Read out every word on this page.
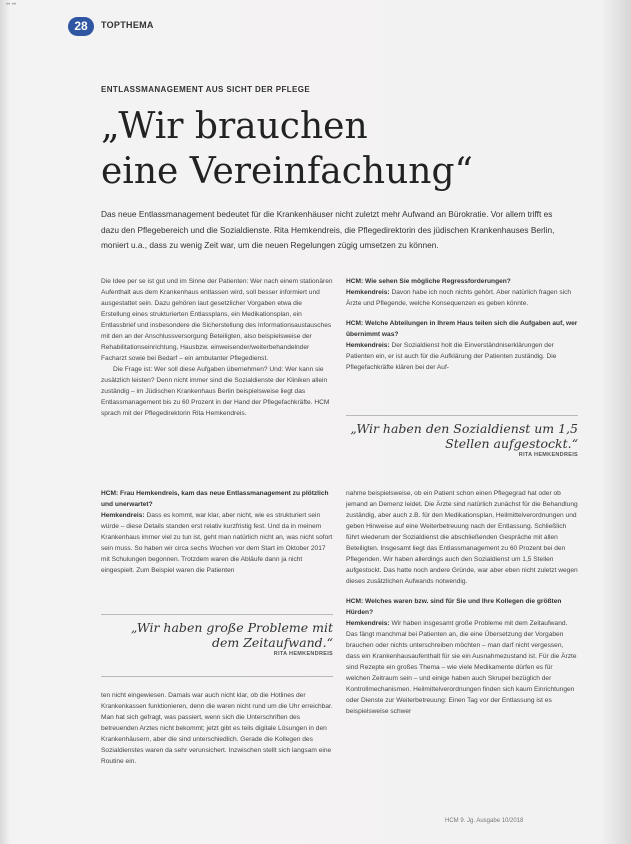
•• ••
28	TOPTHEMA
ENTLASSMANAGEMENT AUS SICHT DER PFLEGE
„Wir brauchen
eine Vereinfachung“

Das neue Entlassmanagement bedeutet für die Krankenhäuser nicht zuletzt mehr Aufwand an Bürokratie. Vor allem trifft es dazu den Pflegebereich und die Sozialdienste. Rita Hemkendreis, die Pflegedirektorin des jüdischen Krankenhauses Berlin, moniert u.a., dass zu wenig Zeit war, um die neuen Regelungen zügig umsetzen zu können.

Die Idee per se ist gut und im Sinne der Patienten: Wer nach einem stationären Aufenthalt aus dem Krankenhaus entlassen wird, soll besser informiert und ausgestattet sein. Dazu gehören laut gesetzlicher Vorgaben etwa die Erstellung eines strukturierten Entlassplans, ein Medikationsplan, ein Entlassbrief und insbesondere die Sicherstellung des Informationsaustausches mit den an der Anschlussversorgung Beteiligten, also beispielsweise der Rehabilitationseinrichtung, Hausbzw. einweisender/weiterbehandelnder Facharzt sowie bei Bedarf – ein ambulanter Pflegedienst.

Die Frage ist: Wer soll diese Aufgaben übernehmen? Und: Wer kann sie zusätzlich leisten? Denn nicht immer sind die Sozialdienste der Kliniken allein zuständig – im Jüdischen Krankenhaus Berlin beispielsweise liegt das Entlassmanagement bis zu 60 Prozent in der Hand der Pflegefachkräfte. HCM sprach mit der Pflegedirektorin Rita Hemkendreis.

HCM: Frau Hemkendreis, kam das neue Entlassmanagement zu plötzlich und unerwartet?

Hemkendreis: Dass es kommt, war klar, aber nicht, wie es strukturiert sein würde – diese Details standen erst relativ kurzfristig fest. Und da in meinem Krankenhaus immer viel zu tun ist, geht man natürlich nicht an, was nicht sofort sein muss. So haben wir circa sechs Wochen vor dem Start im Oktober 2017 mit Schulungen begonnen. Trotzdem waren die Abläufe dann ja nicht eingespielt. Zum Beispiel waren die Patienten

„Wir haben große Probleme mit dem Zeitaufwand.“
RITA HEMKENDREIS

ten nicht eingewiesen. Damals war auch nicht klar, ob die Hotlines der Krankenkassen funktionieren, denn die waren nicht rund um die Uhr erreichbar. Man hat sich gefragt, was passiert, wenn sich die Unterschriften des betreuenden Arztes nicht bekommt; jetzt gibt es teils digitale Lösungen in den Krankenhäusern, aber die sind unterschiedlich. Gerade die Kollegen des Sozialdienstes waren da sehr verunsichert. Inzwischen stellt sich langsam eine Routine ein.

HCM: Wie sehen Sie mögliche Regressforderungen?

Hemkendreis: Davon habe ich noch nichts gehört. Aber natürlich fragen sich Ärzte und Pflegende, welche Konsequenzen es geben könnte.

HCM: Welche Abteilungen in Ihrem Haus teilen sich die Aufgaben auf, wer übernimmt was?

Hemkendreis: Der Sozialdienst holt die Einverständniserklärungen der Patienten ein, er ist auch für die Aufklärung der Patienten zuständig. Die Pflegefachkräfte klären bei der Auf-

„Wir haben den Sozialdienst um 1,5 Stellen aufgestockt.“
RITA HEMKENDREIS

nahme beispielsweise, ob ein Patient schon einen Pflegegrad hat oder ob jemand an Demenz leidet. Die Ärzte sind natürlich zunächst für die Behandlung zuständig, aber auch z.B. für den Medikationsplan, Heilmittelverordnungen und geben Hinweise auf eine Weiterbetreuung nach der Entlassung. Schließlich führt wiederum der Sozialdienst die abschließenden Gespräche mit allen Beteiligten. Insgesamt liegt das Entlassmanagement zu 60 Prozent bei den Pflegenden. Wir haben allerdings auch den Sozialdienst um 1,5 Stellen aufgestockt. Das hatte noch andere Gründe, war aber eben nicht zuletzt wegen dieses zusätzlichen Aufwands notwendig.

HCM: Welches waren bzw. sind für Sie und Ihre Kollegen die größten Hürden?

Hemkendreis: Wir haben insgesamt große Probleme mit dem Zeitaufwand. Das fängt manchmal bei Patienten an, die eine Übersetzung der Vorgaben brauchen oder nichts unterschreiben möchten – man darf nicht vergessen, dass ein Krankenhausaufenthalt für sie ein Ausnahmezustand ist. Für die Ärzte sind Rezepte ein großes Thema – wie viele Medikamente dürfen es für welchen Zeitraum sein – und einige haben auch Skrupel bezüglich der Kontrollmechanismen. Heilmittelverordnungen finden sich kaum Einrichtungen oder Dienste zur Weiterbetreuung: Einen Tag vor der Entlassung ist es beispielsweise schwer

HCM 9. Jg. Ausgabe 10/2018
